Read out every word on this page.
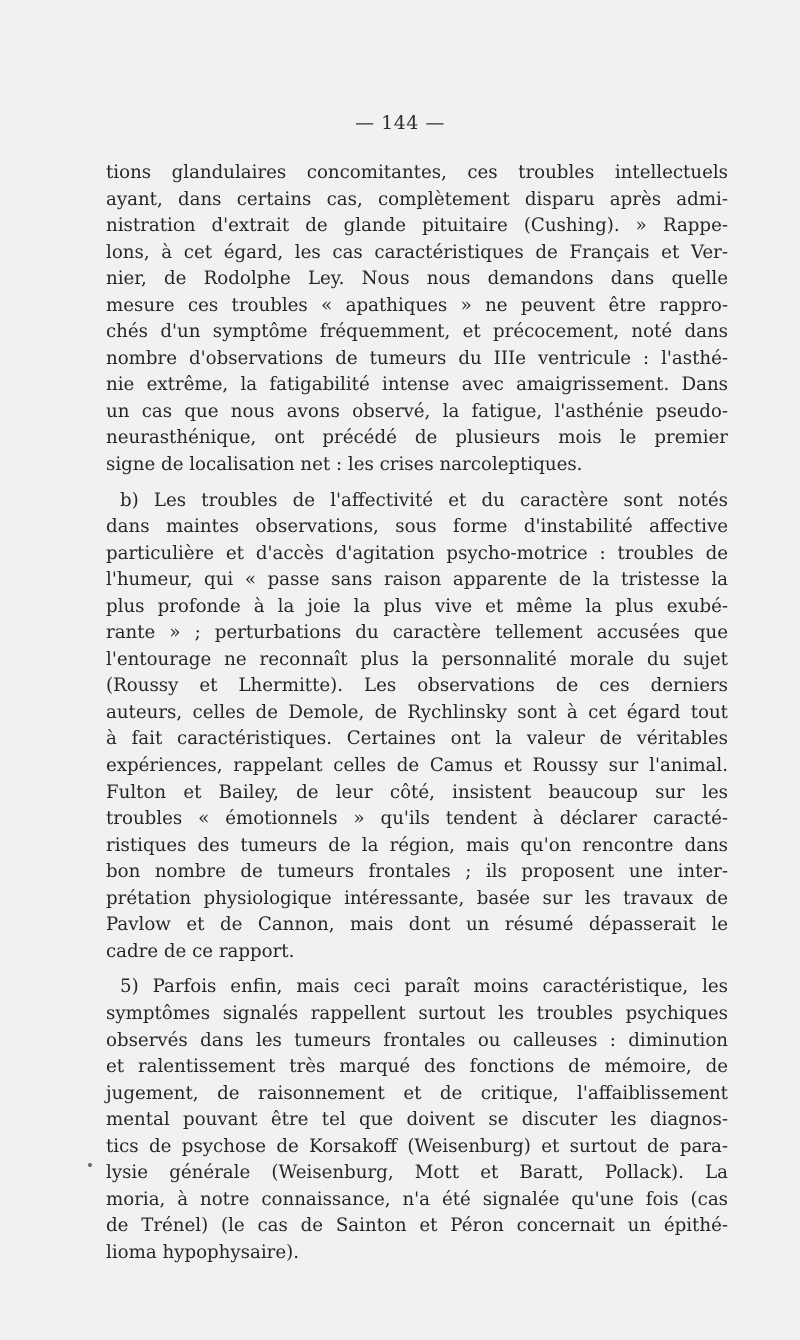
— 144 —
tions glandulaires concomitantes, ces troubles intellectuels
ayant, dans certains cas, complètement disparu après admi-
nistration d'extrait de glande pituitaire (Cushing). » Rappe-
lons, à cet égard, les cas caractéristiques de Français et Ver-
nier, de Rodolphe Ley. Nous nous demandons dans quelle
mesure ces troubles « apathiques » ne peuvent être rappro-
chés d'un symptôme fréquemment, et précocement, noté dans
nombre d'observations de tumeurs du IIIe ventricule : l'asthé-
nie extrême, la fatigabilité intense avec amaigrissement. Dans
un cas que nous avons observé, la fatigue, l'asthénie pseudo-
neurasthénique, ont précédé de plusieurs mois le premier
signe de localisation net : les crises narcoleptiques.
b) Les troubles de l'affectivité et du caractère sont notés
dans maintes observations, sous forme d'instabilité affective
particulière et d'accès d'agitation psycho-motrice : troubles de
l'humeur, qui « passe sans raison apparente de la tristesse la
plus profonde à la joie la plus vive et même la plus exubé-
rante » ; perturbations du caractère tellement accusées que
l'entourage ne reconnaît plus la personnalité morale du sujet
(Roussy et Lhermitte). Les observations de ces derniers
auteurs, celles de Demole, de Rychlinsky sont à cet égard tout
à fait caractéristiques. Certaines ont la valeur de véritables
expériences, rappelant celles de Camus et Roussy sur l'animal.
Fulton et Bailey, de leur côté, insistent beaucoup sur les
troubles « émotionnels » qu'ils tendent à déclarer caracté-
ristiques des tumeurs de la région, mais qu'on rencontre dans
bon nombre de tumeurs frontales ; ils proposent une inter-
prétation physiologique intéressante, basée sur les travaux de
Pavlow et de Cannon, mais dont un résumé dépasserait le
cadre de ce rapport.
5) Parfois enfin, mais ceci paraît moins caractéristique, les
symptômes signalés rappellent surtout les troubles psychiques
observés dans les tumeurs frontales ou calleuses : diminution
et ralentissement très marqué des fonctions de mémoire, de
jugement, de raisonnement et de critique, l'affaiblissement
mental pouvant être tel que doivent se discuter les diagnos-
tics de psychose de Korsakoff (Weisenburg) et surtout de para-
lysie générale (Weisenburg, Mott et Baratt, Pollack). La
moria, à notre connaissance, n'a été signalée qu'une fois (cas
de Trénel) (le cas de Sainton et Péron concernait un épithé-
lioma hypophysaire).
